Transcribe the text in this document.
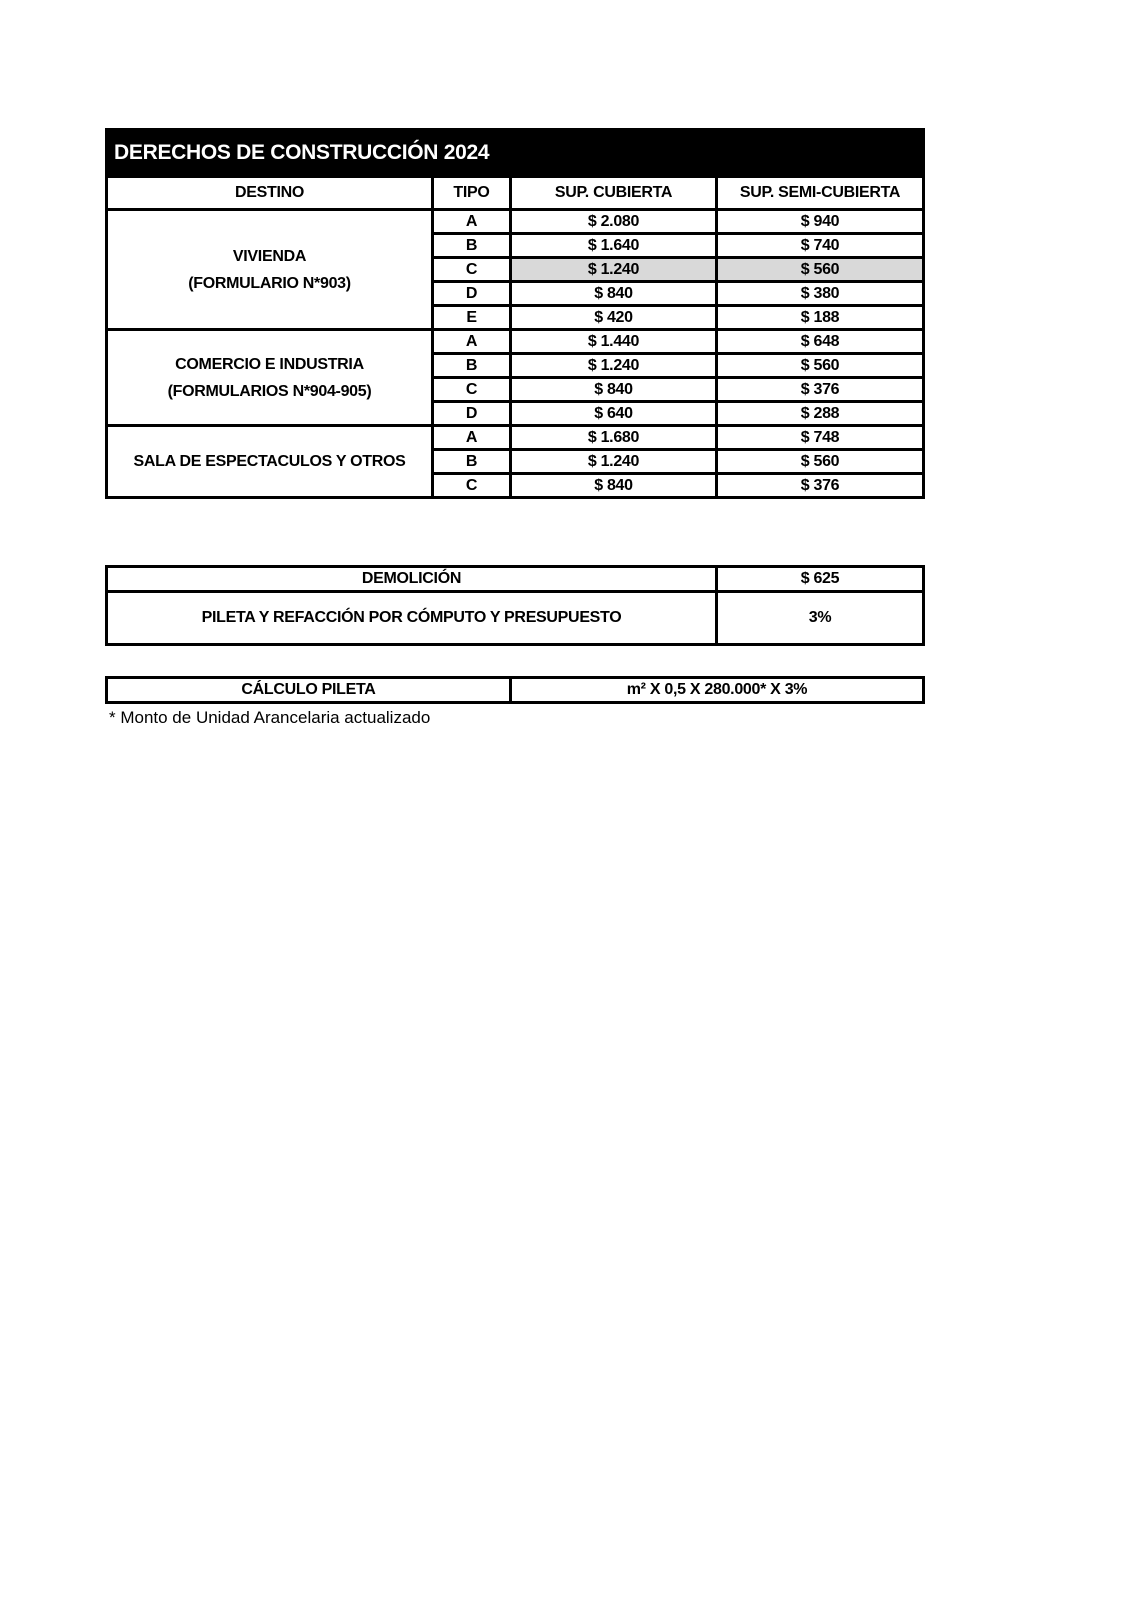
DERECHOS DE CONSTRUCCIÓN 2024			
DESTINO	TIPO	SUP. CUBIERTA	SUP. SEMI-CUBIERTA

VIVIENDA
(FORMULARIO N*903)	A	$ 2.080	$ 940
	B	$ 1.640	$ 740
	C	$ 1.240	$ 560
	D	$ 840	$ 380
	E	$ 420	$ 188

COMERCIO E INDUSTRIA
(FORMULARIOS N*904-905)	A	$ 1.440	$ 648
	B	$ 1.240	$ 560
	C	$ 840	$ 376
	D	$ 640	$ 288

SALA DE ESPECTACULOS Y OTROS	A	$ 1.680	$ 748
	B	$ 1.240	$ 560
	C	$ 840	$ 376
DEMOLICIÓN	$ 625
PILETA Y REFACCIÓN POR CÓMPUTO Y PRESUPUESTO	3%
CÁLCULO PILETA	m² X 0,5 X 280.000* X 3%
* Monto de Unidad Arancelaria actualizado
